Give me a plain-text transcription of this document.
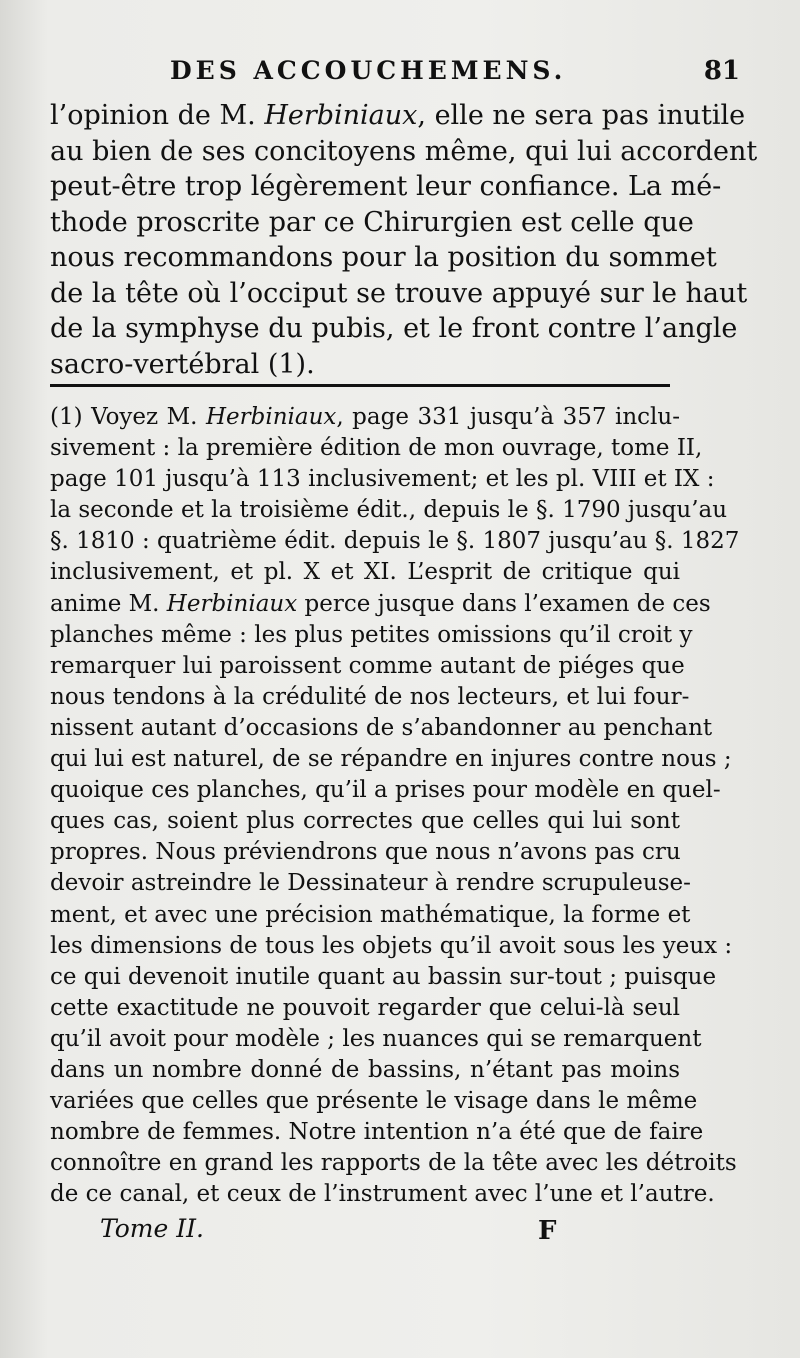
DES ACCOUCHEMENS.	81
l’opinion de M. Herbiniaux, elle ne sera pas inutile
au bien de ses concitoyens même, qui lui accordent
peut-être trop légèrement leur confiance. La mé-
thode proscrite par ce Chirurgien est celle que
nous recommandons pour la position du sommet
de la tête où l’occiput se trouve appuyé sur le haut
de la symphyse du pubis, et le front contre l’angle
sacro-vertébral (1).
(1) Voyez M. Herbiniaux, page 331 jusqu’à 357 inclu-
sivement : la première édition de mon ouvrage, tome II,
page 101 jusqu’à 113 inclusivement; et les pl. VIII et IX :
la seconde et la troisième édit., depuis le §. 1790 jusqu’au
§. 1810 : quatrième édit. depuis le §. 1807 jusqu’au §. 1827
inclusivement, et pl. X et XI. L’esprit de critique qui
anime M. Herbiniaux perce jusque dans l’examen de ces
planches même : les plus petites omissions qu’il croit y
remarquer lui paroissent comme autant de piéges que
nous tendons à la crédulité de nos lecteurs, et lui four-
nissent autant d’occasions de s’abandonner au penchant
qui lui est naturel, de se répandre en injures contre nous ;
quoique ces planches, qu’il a prises pour modèle en quel-
ques cas, soient plus correctes que celles qui lui sont
propres. Nous préviendrons que nous n’avons pas cru
devoir astreindre le Dessinateur à rendre scrupuleuse-
ment, et avec une précision mathématique, la forme et
les dimensions de tous les objets qu’il avoit sous les yeux :
ce qui devenoit inutile quant au bassin sur-tout ; puisque
cette exactitude ne pouvoit regarder que celui-là seul
qu’il avoit pour modèle ; les nuances qui se remarquent
dans un nombre donné de bassins, n’étant pas moins
variées que celles que présente le visage dans le même
nombre de femmes. Notre intention n’a été que de faire
connoître en grand les rapports de la tête avec les détroits
de ce canal, et ceux de l’instrument avec l’une et l’autre.
Tome II.	F
